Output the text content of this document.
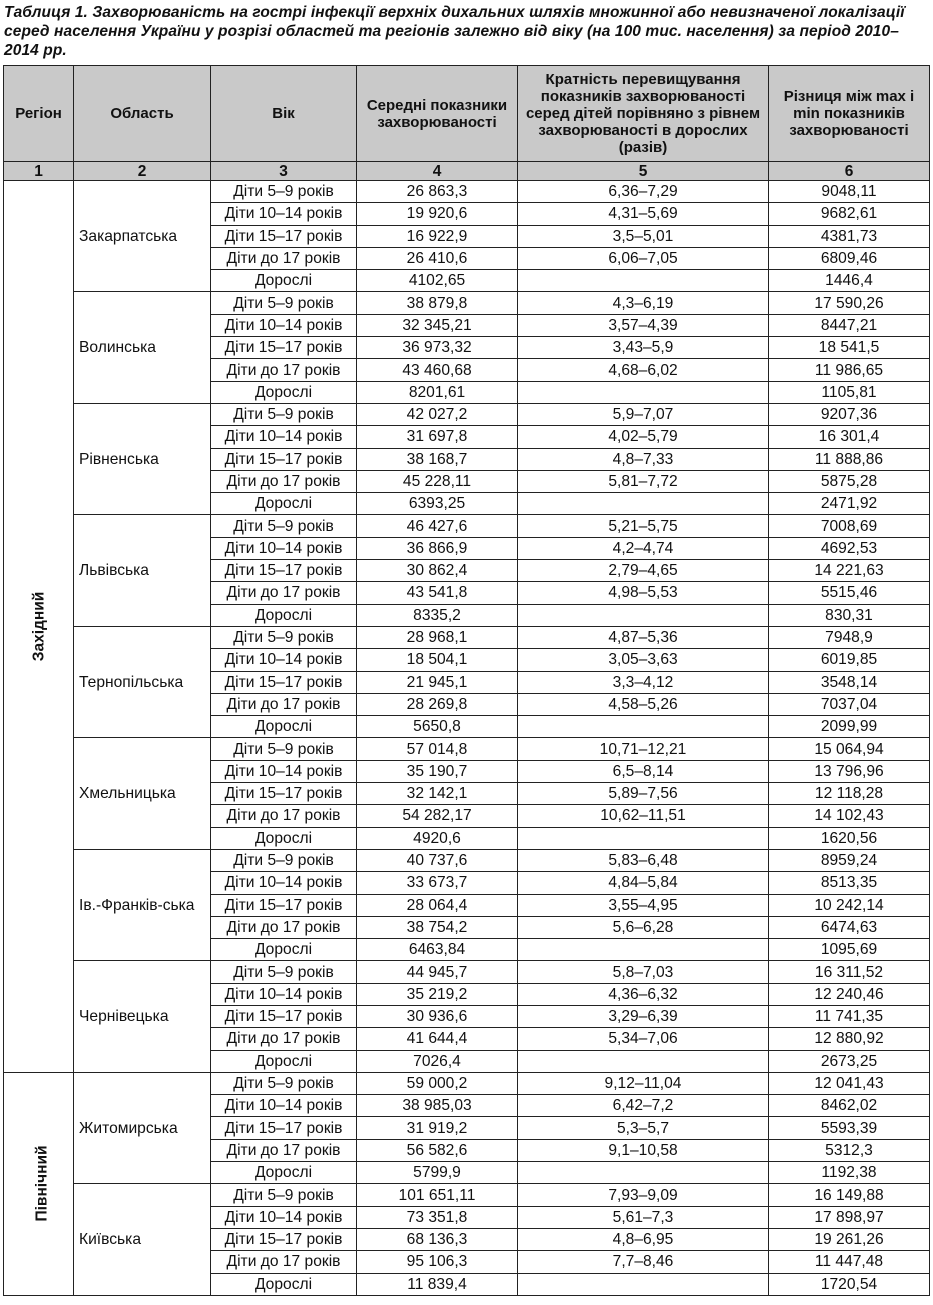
Таблиця 1. Захворюваність на гострі інфекції верхніх дихальних шляхів множинної або невизначеної локалізації серед населення України у розрізі областей та регіонів залежно від віку (на 100 тис. населення) за період 2010–2014 рр.
Регіон	Область	Вік	Середні показники захворюваності	Кратність перевищування показників захворюваності серед дітей порівняно з рівнем захворюваності в дорослих (разів)	Різниця між max і min показників захворюваності
1	2	3	4	5	6
Західний	Закарпатська	Діти 5–9 років	26 863,3	6,36–7,29	9048,11
		Діти 10–14 років	19 920,6	4,31–5,69	9682,61
		Діти 15–17 років	16 922,9	3,5–5,01	4381,73
		Діти до 17 років	26 410,6	6,06–7,05	6809,46
		Дорослі	4102,65		1446,4
	Волинська	Діти 5–9 років	38 879,8	4,3–6,19	17 590,26
		Діти 10–14 років	32 345,21	3,57–4,39	8447,21
		Діти 15–17 років	36 973,32	3,43–5,9	18 541,5
		Діти до 17 років	43 460,68	4,68–6,02	11 986,65
		Дорослі	8201,61		1105,81
	Рівненська	Діти 5–9 років	42 027,2	5,9–7,07	9207,36
		Діти 10–14 років	31 697,8	4,02–5,79	16 301,4
		Діти 15–17 років	38 168,7	4,8–7,33	11 888,86
		Діти до 17 років	45 228,11	5,81–7,72	5875,28
		Дорослі	6393,25		2471,92
	Львівська	Діти 5–9 років	46 427,6	5,21–5,75	7008,69
		Діти 10–14 років	36 866,9	4,2–4,74	4692,53
		Діти 15–17 років	30 862,4	2,79–4,65	14 221,63
		Діти до 17 років	43 541,8	4,98–5,53	5515,46
		Дорослі	8335,2		830,31
	Тернопільська	Діти 5–9 років	28 968,1	4,87–5,36	7948,9
		Діти 10–14 років	18 504,1	3,05–3,63	6019,85
		Діти 15–17 років	21 945,1	3,3–4,12	3548,14
		Діти до 17 років	28 269,8	4,58–5,26	7037,04
		Дорослі	5650,8		2099,99
	Хмельницька	Діти 5–9 років	57 014,8	10,71–12,21	15 064,94
		Діти 10–14 років	35 190,7	6,5–8,14	13 796,96
		Діти 15–17 років	32 142,1	5,89–7,56	12 118,28
		Діти до 17 років	54 282,17	10,62–11,51	14 102,43
		Дорослі	4920,6		1620,56
	Ів.-Франків-ська	Діти 5–9 років	40 737,6	5,83–6,48	8959,24
		Діти 10–14 років	33 673,7	4,84–5,84	8513,35
		Діти 15–17 років	28 064,4	3,55–4,95	10 242,14
		Діти до 17 років	38 754,2	5,6–6,28	6474,63
		Дорослі	6463,84		1095,69
	Чернівецька	Діти 5–9 років	44 945,7	5,8–7,03	16 311,52
		Діти 10–14 років	35 219,2	4,36–6,32	12 240,46
		Діти 15–17 років	30 936,6	3,29–6,39	11 741,35
		Діти до 17 років	41 644,4	5,34–7,06	12 880,92
		Дорослі	7026,4		2673,25
Північний	Житомирська	Діти 5–9 років	59 000,2	9,12–11,04	12 041,43
		Діти 10–14 років	38 985,03	6,42–7,2	8462,02
		Діти 15–17 років	31 919,2	5,3–5,7	5593,39
		Діти до 17 років	56 582,6	9,1–10,58	5312,3
		Дорослі	5799,9		1192,38
	Київська	Діти 5–9 років	101 651,11	7,93–9,09	16 149,88
		Діти 10–14 років	73 351,8	5,61–7,3	17 898,97
		Діти 15–17 років	68 136,3	4,8–6,95	19 261,26
		Діти до 17 років	95 106,3	7,7–8,46	11 447,48
		Дорослі	11 839,4		1720,54
